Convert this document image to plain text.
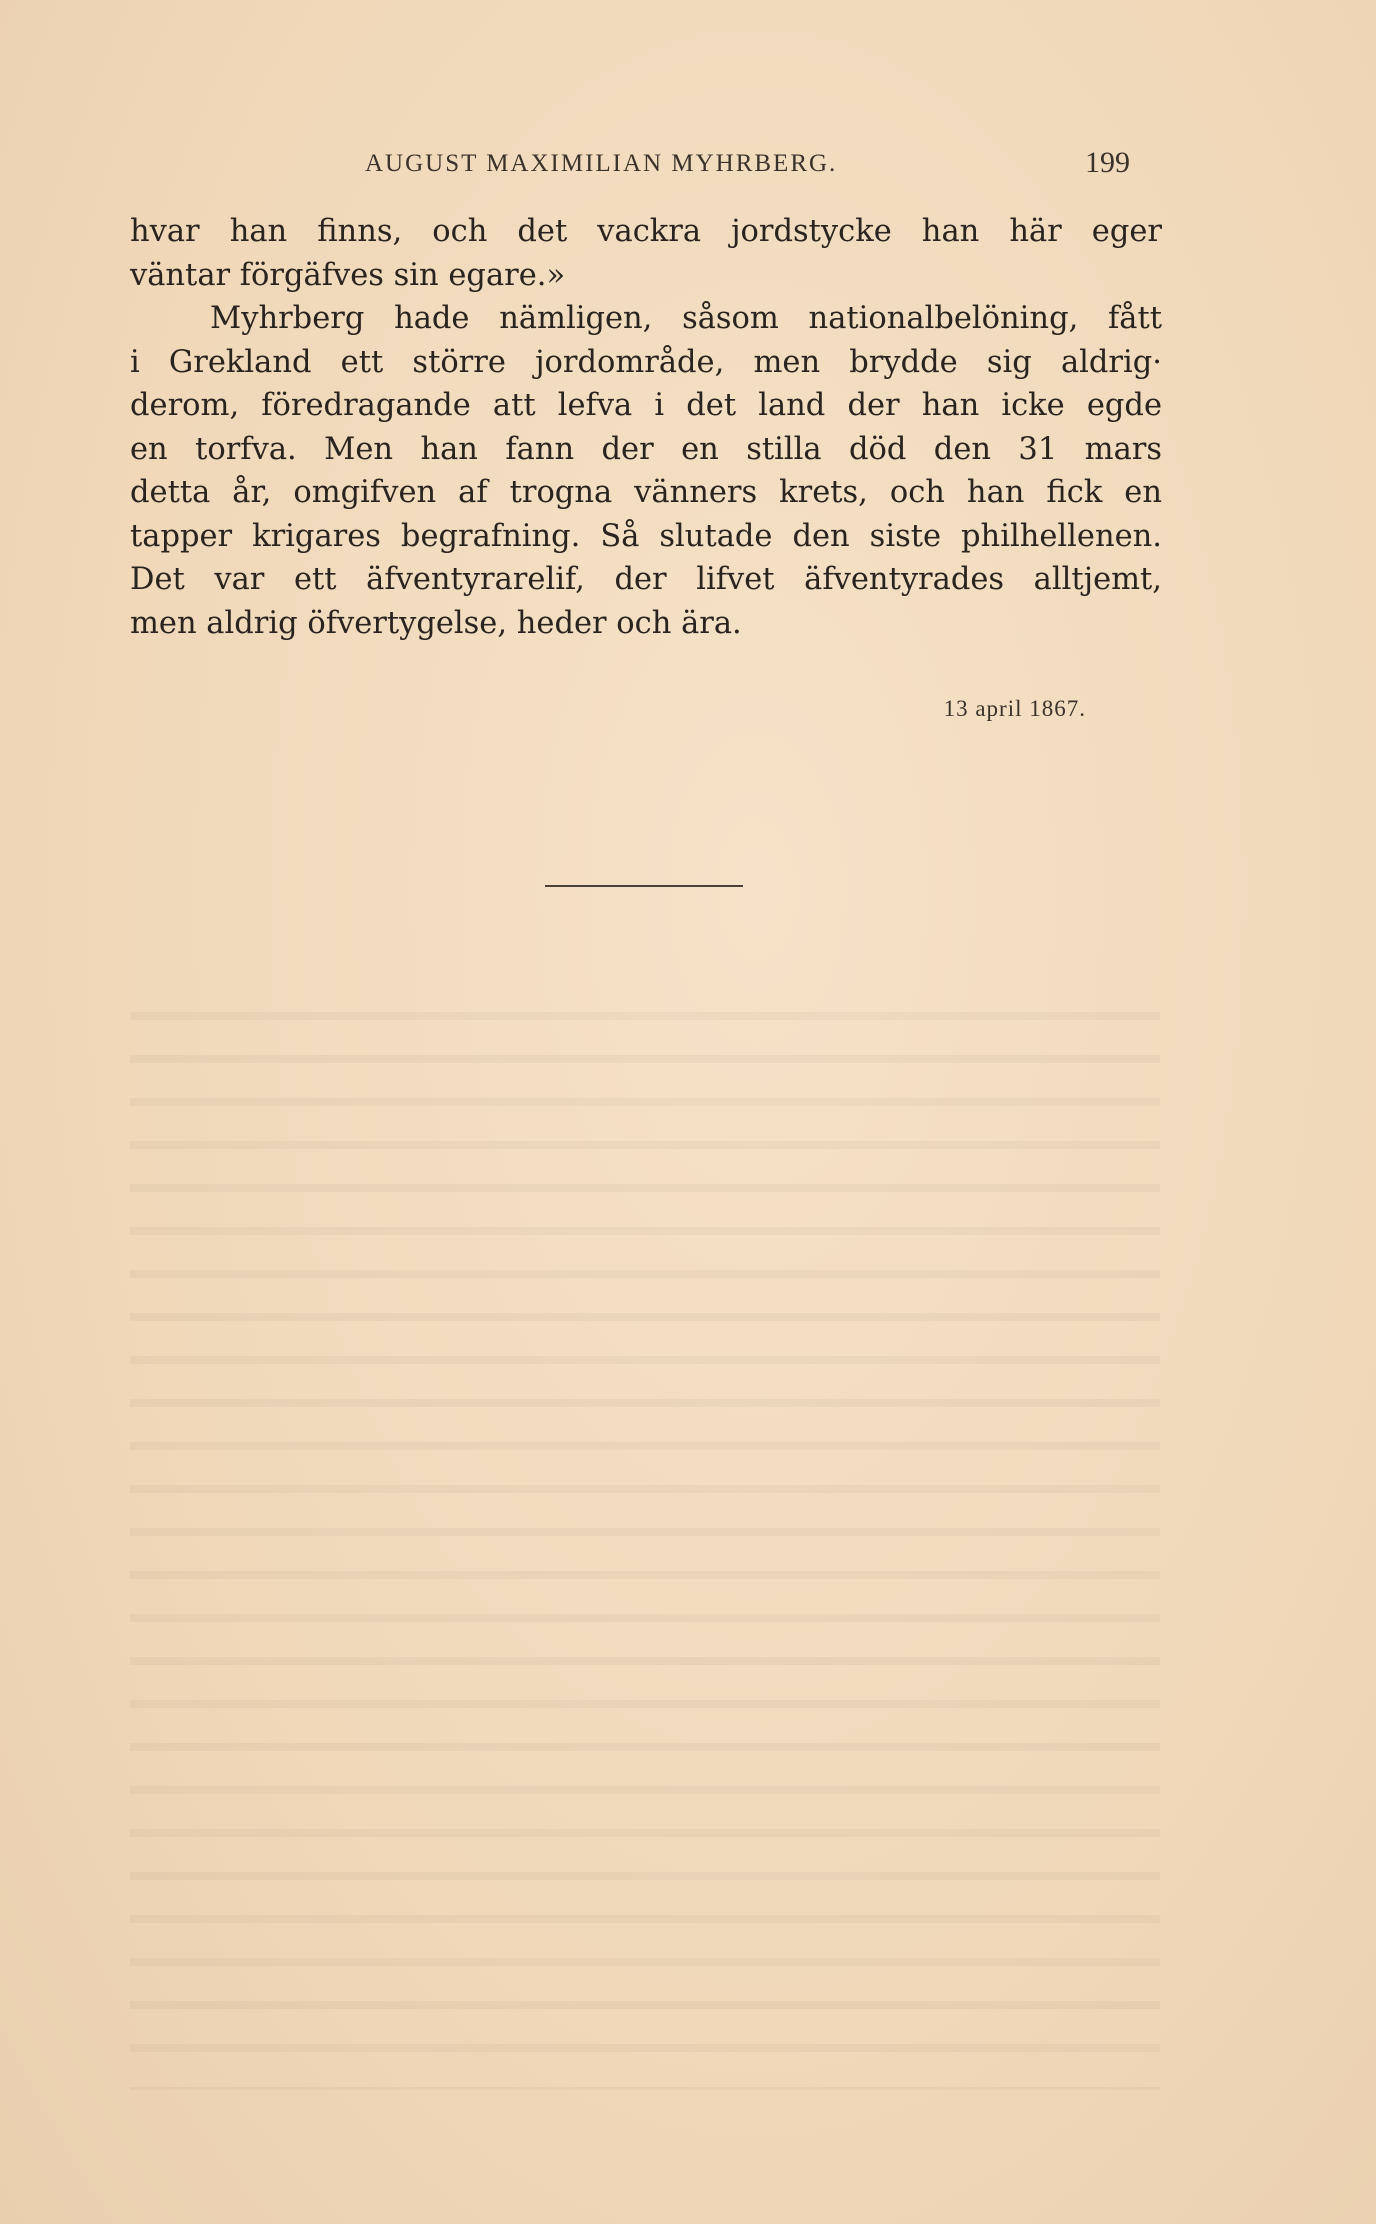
AUGUST MAXIMILIAN MYHRBERG.	199

hvar han finns, och det vackra jordstycke han här eger
väntar förgäfves sin egare.»

Myhrberg hade nämligen, såsom nationalbelöning, fått
i Grekland ett större jordområde, men brydde sig aldrig·
derom, föredragande att lefva i det land der han icke egde
en torfva. Men han fann der en stilla död den 31 mars
detta år, omgifven af trogna vänners krets, och han fick en
tapper krigares begrafning. Så slutade den siste philhellenen.
Det var ett äfventyrarelif, der lifvet äfventyrades alltjemt,
men aldrig öfvertygelse, heder och ära.

13 april 1867.
